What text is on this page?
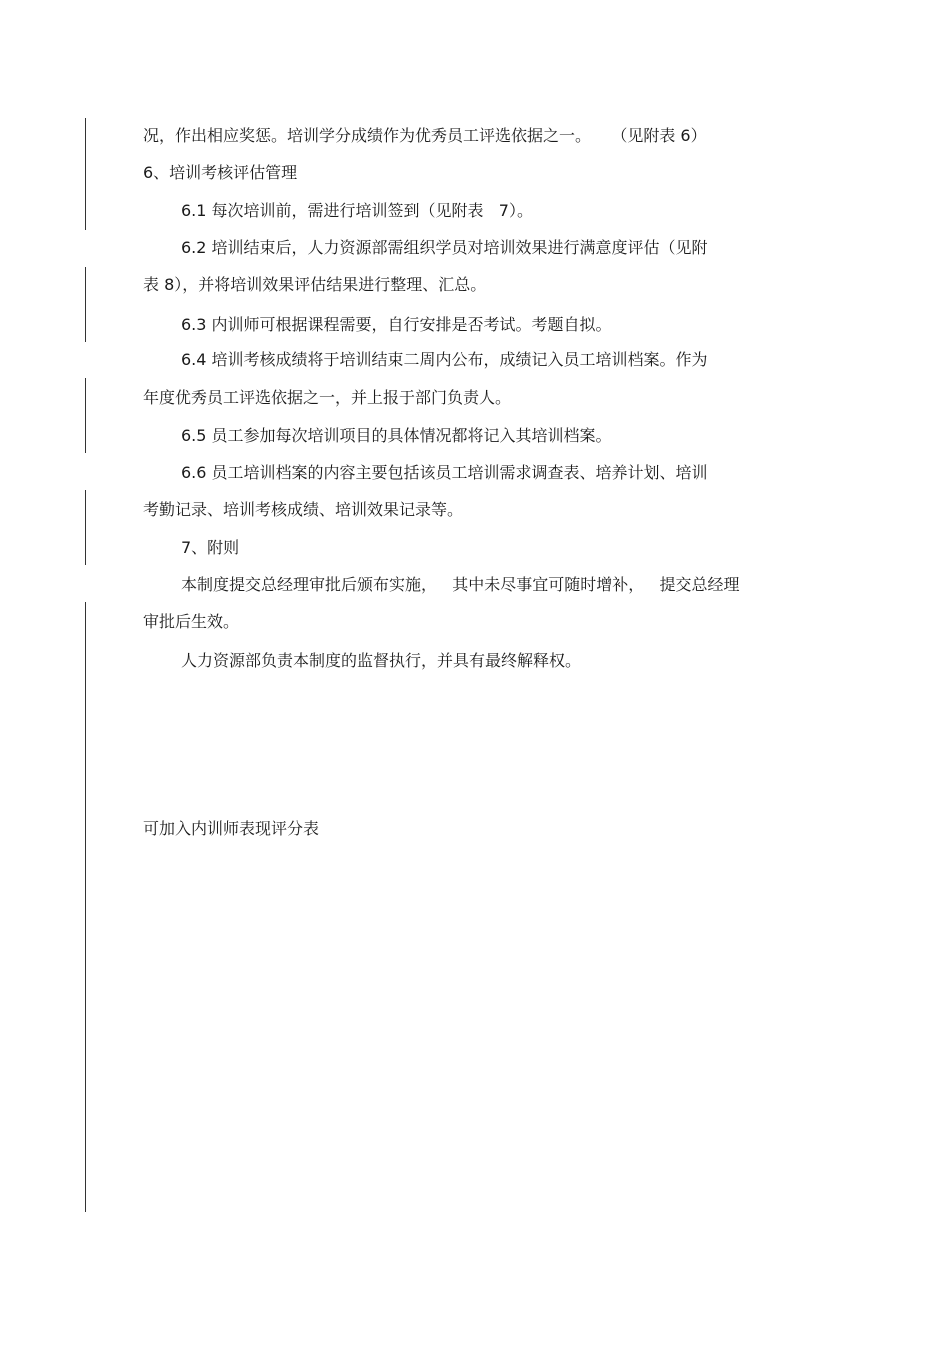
况，作出相应奖惩。培训学分成绩作为优秀员工评选依据之一。    （见附表 6）

6、培训考核评估管理

6.1 每次培训前，需进行培训签到（见附表   7）。

6.2 培训结束后，人力资源部需组织学员对培训效果进行满意度评估（见附

表 8），并将培训效果评估结果进行整理、汇总。

6.3 内训师可根据课程需要，自行安排是否考试。考题自拟。

6.4 培训考核成绩将于培训结束二周内公布，成绩记入员工培训档案。作为

年度优秀员工评选依据之一，并上报于部门负责人。

6.5 员工参加每次培训项目的具体情况都将记入其培训档案。

6.6 员工培训档案的内容主要包括该员工培训需求调查表、培养计划、培训

考勤记录、培训考核成绩、培训效果记录等。

7、附则

本制度提交总经理审批后颁布实施，   其中未尽事宜可随时增补，   提交总经理

审批后生效。

人力资源部负责本制度的监督执行，并具有最终解释权。

可加入内训师表现评分表
